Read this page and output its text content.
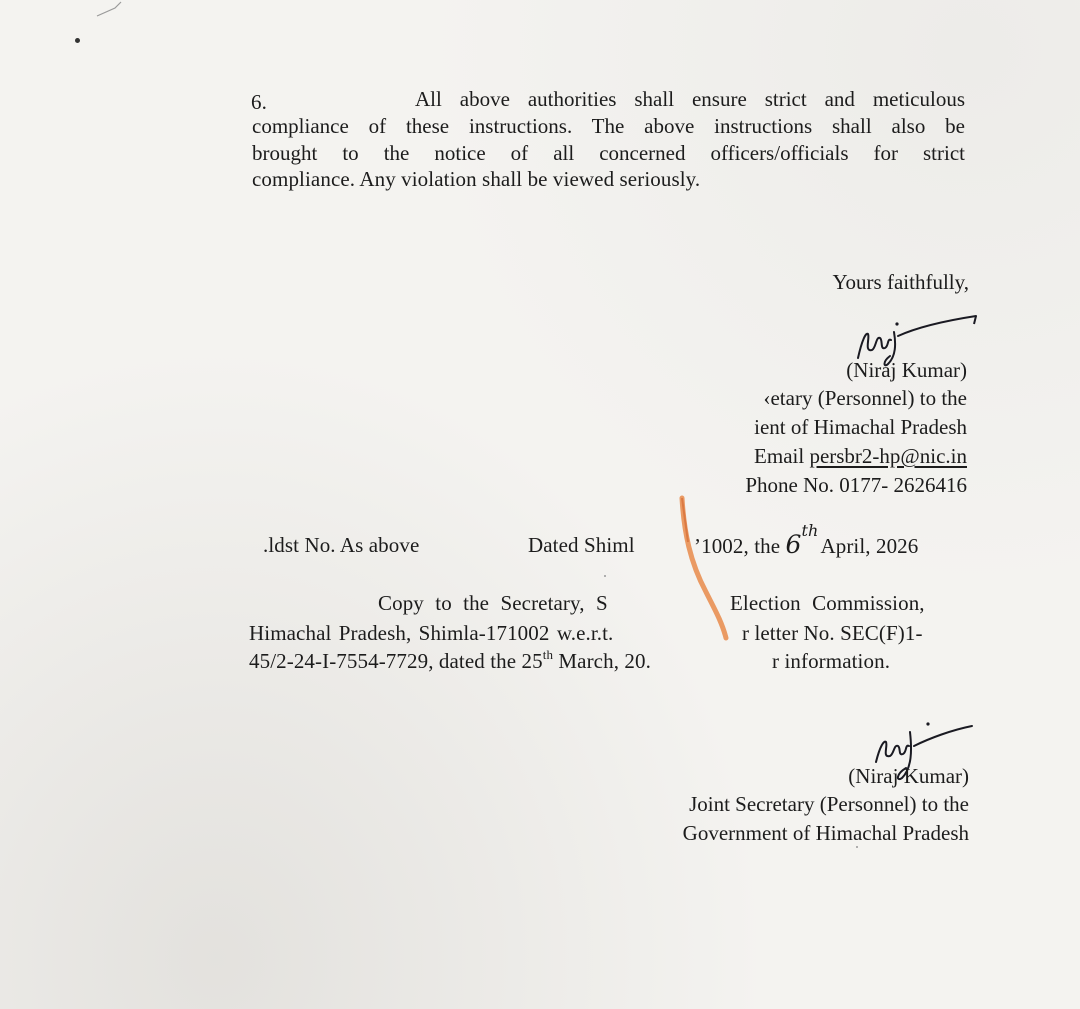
6.	All above authorities shall ensure strict and meticulous
compliance of these instructions. The above instructions shall also be
brought to the notice of all concerned officers/officials for strict
compliance. Any violation shall be viewed seriously.
Yours faithfully,
(Niraj Kumar)
‹etary (Personnel) to the
ient of Himachal Pradesh
Email persbr2-hp@nic.in
Phone No. 0177- 2626416
.ldst No. As above	Dated Shiml	ʼ1002, the 6thApril, 2026
Copy to the Secretary, S	Election Commission,
Himachal Pradesh, Shimla-171002 w.e.r.t.	r letter No. SEC(F)1-
45/2-24-I-7554-7729, dated the 25th March, 20.	r information.
(Niraj Kumar)
Joint Secretary (Personnel) to the
Government of Himachal Pradesh
